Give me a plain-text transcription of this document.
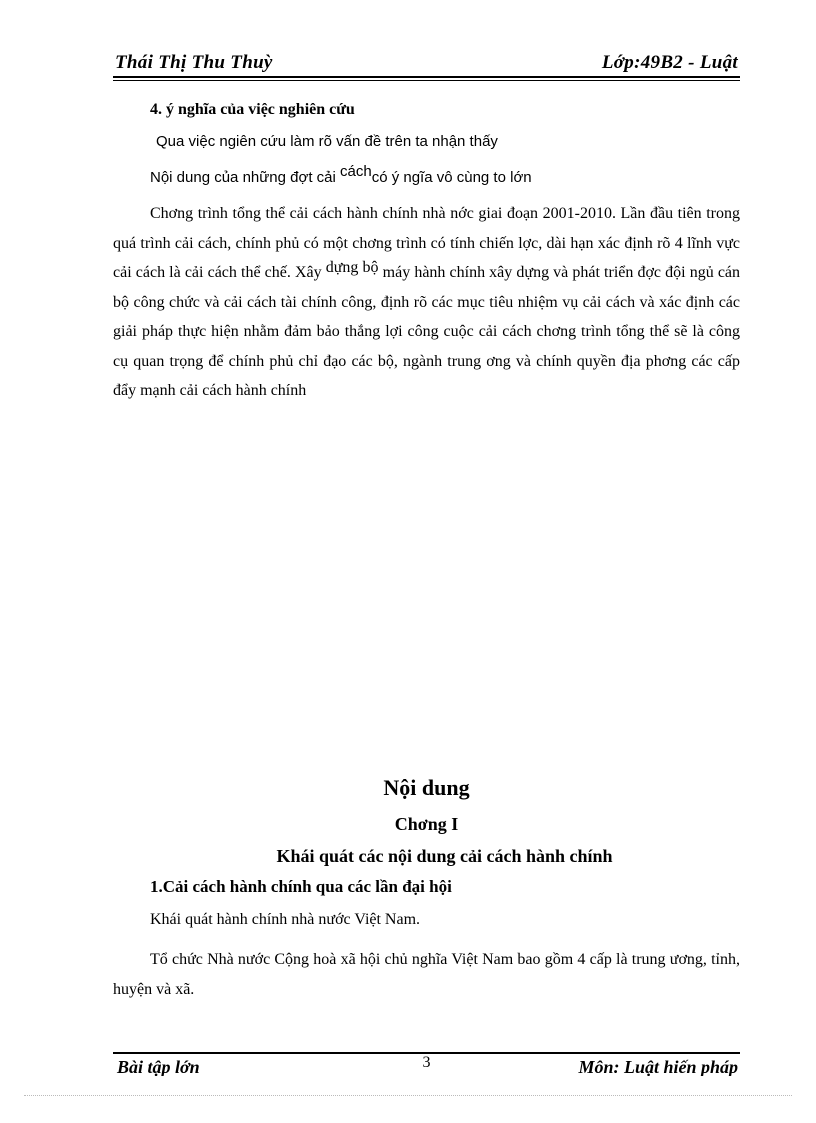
Thái Thị Thu Thuỳ	Lớp:49B2 - Luật
4. ý nghĩa của việc nghiên cứu
Qua việc ngiên cứu làm rõ vấn đề trên ta nhận thấy
Nội dung của những đợt cải cáchcó ý ngĩa vô cùng to lớn
Chơng trình tổng thể cải cách hành chính nhà nớc giai đoạn 2001-2010. Lần đầu tiên trong quá trình cải cách, chính phủ có một chơng trình có tính chiến lợc, dài hạn xác định rõ 4 lĩnh vực cải cách là cải cách thể chế. Xây dựng bộ máy hành chính xây dựng và phát triển đợc đội ngủ cán bộ công chức và cải cách tài chính công, định rõ các mục tiêu nhiệm vụ cải cách và xác định các giải pháp thực hiện nhằm đảm bảo thắng lợi công cuộc cải cách chơng trình tổng thể sẽ là công cụ quan trọng để chính phủ chỉ đạo các bộ, ngành trung ơng và chính quyền địa phơng các cấp đẩy mạnh cải cách hành chính
Nội dung
Chơng I
Khái quát các nội dung cải cách hành chính
1.Cải cách hành chính qua các lần đại hội
Khái quát hành chính nhà nước Việt Nam.
Tổ chức Nhà nước Cộng hoà xã hội chủ nghĩa Việt Nam bao gồm 4 cấp là trung ương, tỉnh, huyện và xã.
Bài tập lớn	3	Môn: Luật hiến pháp
